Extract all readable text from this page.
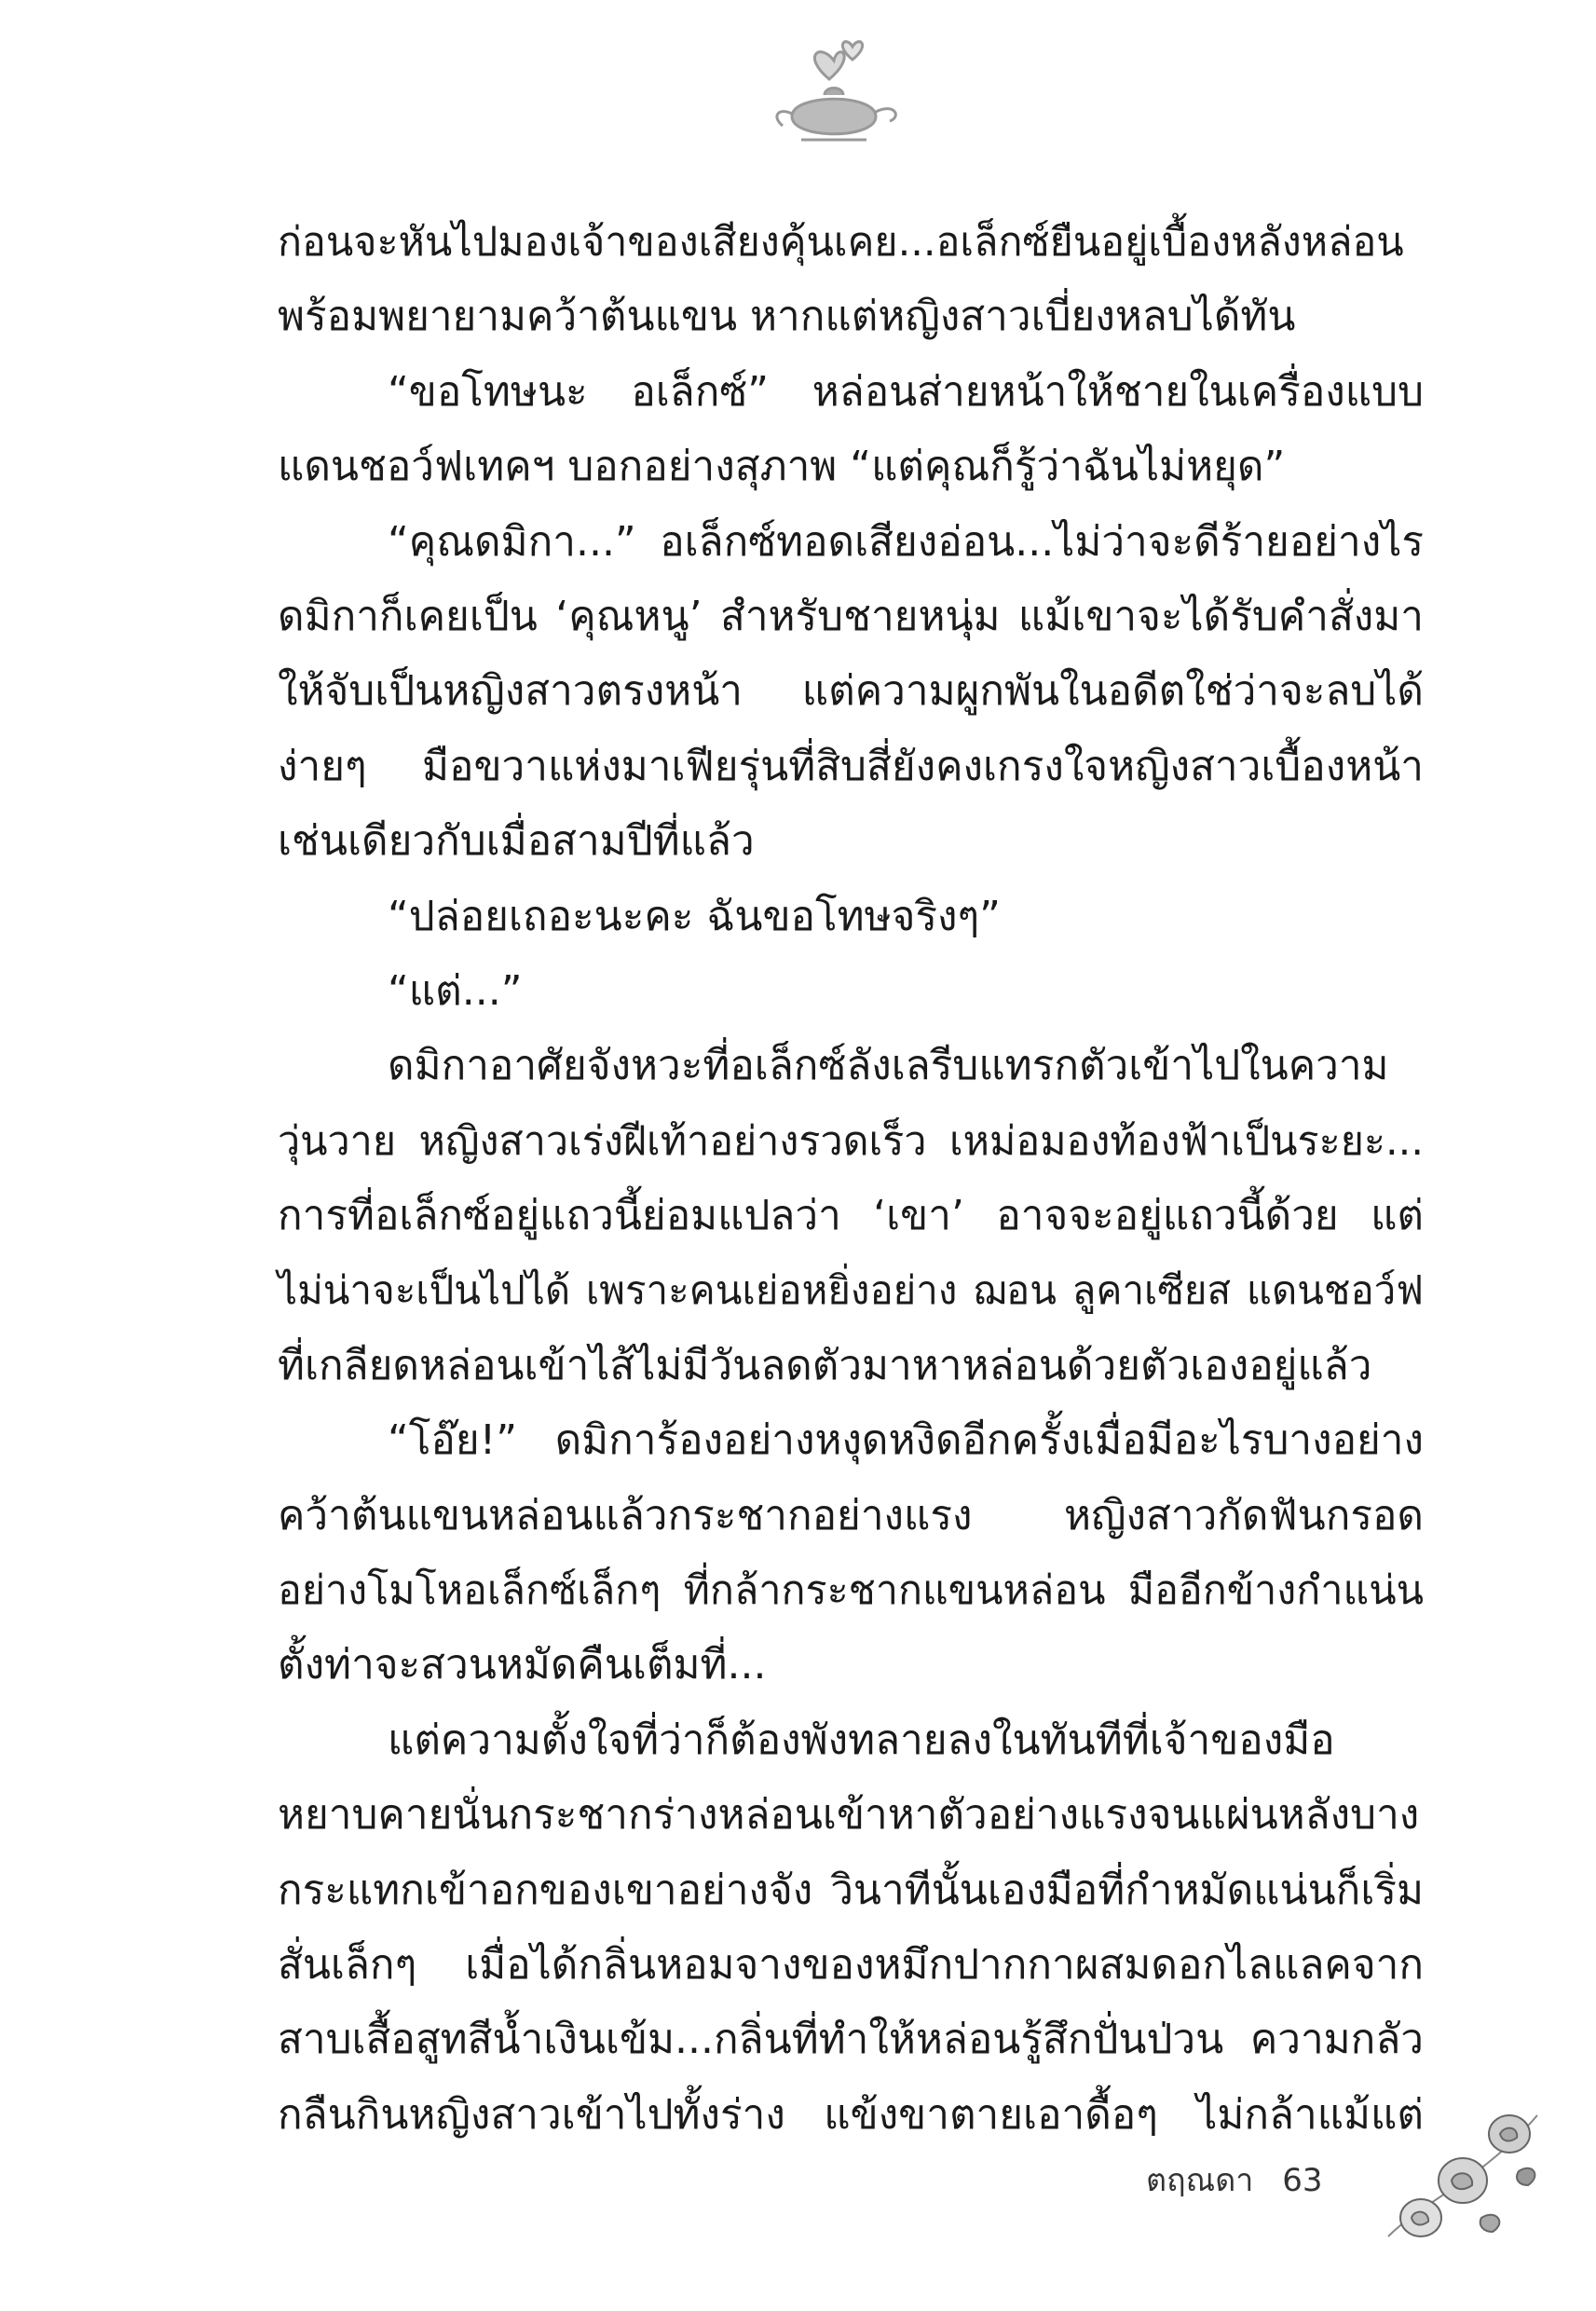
ก่อนจะหันไปมองเจ้าของเสียงคุ้นเคย...อเล็กซ์ยืนอยู่เบื้องหลังหล่อน
พร้อมพยายามคว้าต้นแขน หากแต่หญิงสาวเบี่ยงหลบได้ทัน
“ขอโทษนะ อเล็กซ์” หล่อนส่ายหน้าให้ชายในเครื่องแบบ
แดนชอว์ฟเทคฯ บอกอย่างสุภาพ “แต่คุณก็รู้ว่าฉันไม่หยุด”
“คุณดมิกา...” อเล็กซ์ทอดเสียงอ่อน...ไม่ว่าจะดีร้ายอย่างไร
ดมิกาก็เคยเป็น ‘คุณหนู’ สำหรับชายหนุ่ม แม้เขาจะได้รับคำสั่งมา
ให้จับเป็นหญิงสาวตรงหน้า แต่ความผูกพันในอดีตใช่ว่าจะลบได้
ง่ายๆ มือขวาแห่งมาเฟียรุ่นที่สิบสี่ยังคงเกรงใจหญิงสาวเบื้องหน้า
เช่นเดียวกับเมื่อสามปีที่แล้ว
“ปล่อยเถอะนะคะ ฉันขอโทษจริงๆ”
“แต่...”
ดมิกาอาศัยจังหวะที่อเล็กซ์ลังเลรีบแทรกตัวเข้าไปในความ
วุ่นวาย หญิงสาวเร่งฝีเท้าอย่างรวดเร็ว เหม่อมองท้องฟ้าเป็นระยะ...
การที่อเล็กซ์อยู่แถวนี้ย่อมแปลว่า ‘เขา’ อาจจะอยู่แถวนี้ด้วย แต่
ไม่น่าจะเป็นไปได้ เพราะคนเย่อหยิ่งอย่าง ฌอน ลูคาเซียส แดนชอว์ฟ
ที่เกลียดหล่อนเข้าไส้ไม่มีวันลดตัวมาหาหล่อนด้วยตัวเองอยู่แล้ว
“โอ๊ย!” ดมิการ้องอย่างหงุดหงิดอีกครั้งเมื่อมีอะไรบางอย่าง
คว้าต้นแขนหล่อนแล้วกระชากอย่างแรง หญิงสาวกัดฟันกรอด
อย่างโมโหอเล็กซ์เล็กๆ ที่กล้ากระชากแขนหล่อน มืออีกข้างกำแน่น
ตั้งท่าจะสวนหมัดคืนเต็มที่...
แต่ความตั้งใจที่ว่าก็ต้องพังทลายลงในทันทีที่เจ้าของมือ
หยาบคายนั่นกระชากร่างหล่อนเข้าหาตัวอย่างแรงจนแผ่นหลังบาง
กระแทกเข้าอกของเขาอย่างจัง วินาทีนั้นเองมือที่กำหมัดแน่นก็เริ่ม
สั่นเล็กๆ เมื่อได้กลิ่นหอมจางของหมึกปากกาผสมดอกไลแลคจาก
สาบเสื้อสูทสีน้ำเงินเข้ม...กลิ่นที่ทำให้หล่อนรู้สึกปั่นป่วน ความกลัว
กลืนกินหญิงสาวเข้าไปทั้งร่าง แข้งขาตายเอาดื้อๆ ไม่กล้าแม้แต่
ตฤณดา 63
